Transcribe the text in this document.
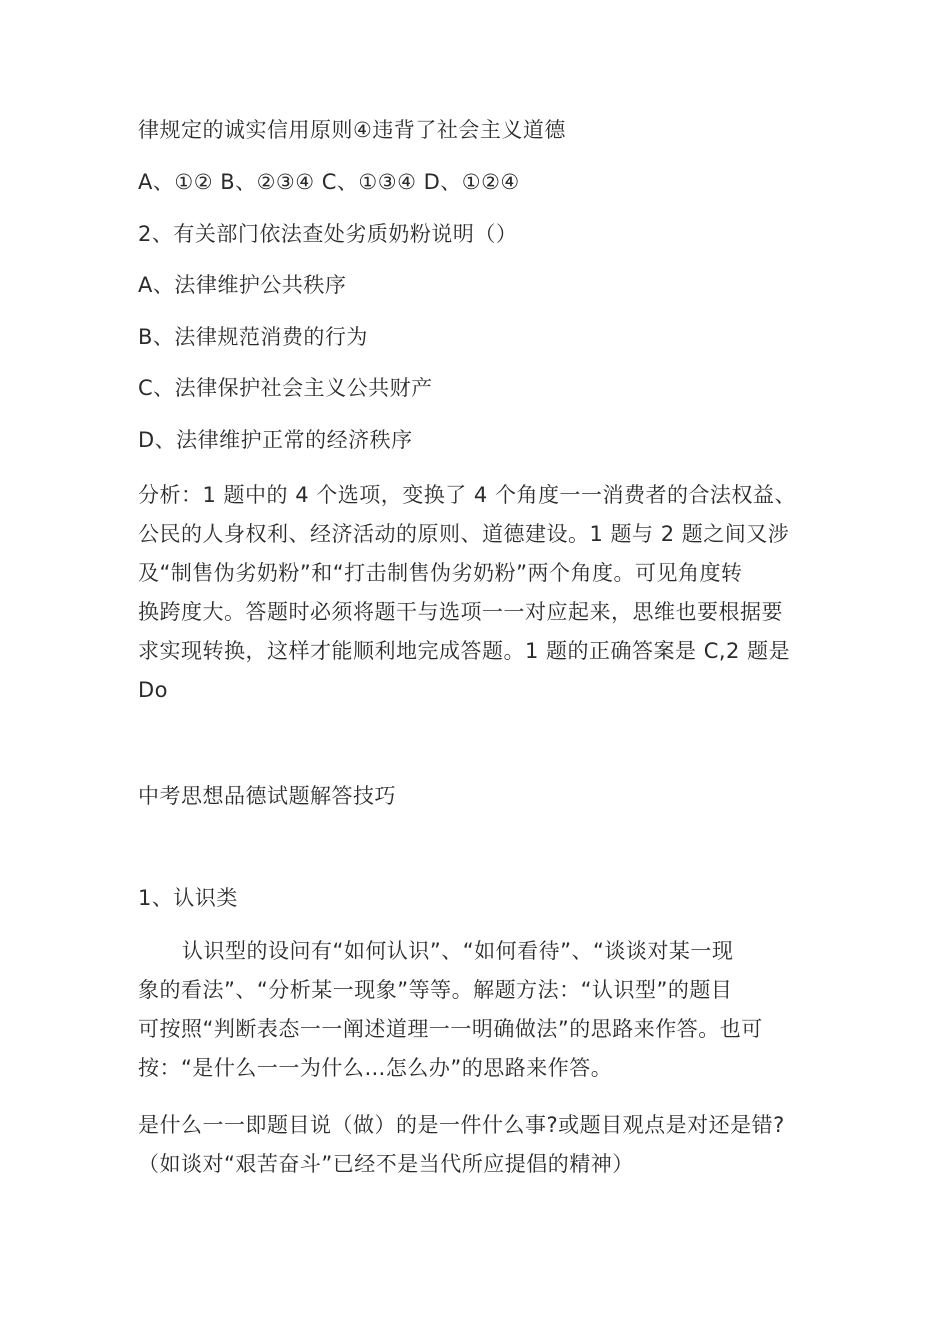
律规定的诚实信用原则④违背了社会主义道德
A、①② B、②③④ C、①③④ D、①②④
2、有关部门依法查处劣质奶粉说明（）
A、法律维护公共秩序
B、法律规范消费的行为
C、法律保护社会主义公共财产
D、法律维护正常的经济秩序
分析：1 题中的 4 个选项，变换了 4 个角度一一消费者的合法权益、
公民的人身权利、经济活动的原则、道德建设。1 题与 2 题之间又涉
及“制售伪劣奶粉”和“打击制售伪劣奶粉”两个角度。可见角度转
换跨度大。答题时必须将题干与选项一一对应起来，思维也要根据要
求实现转换，这样才能顺利地完成答题。1 题的正确答案是 C,2 题是
Do
中考思想品德试题解答技巧
1、认识类
认识型的设问有“如何认识”、“如何看待”、“谈谈对某一现
象的看法”、“分析某一现象”等等。解题方法：“认识型”的题目
可按照“判断表态一一阐述道理一一明确做法”的思路来作答。也可
按：“是什么一一为什么…怎么办”的思路来作答。
是什么一一即题目说（做）的是一件什么事?或题目观点是对还是错?
（如谈对“艰苦奋斗”已经不是当代所应提倡的精神）
